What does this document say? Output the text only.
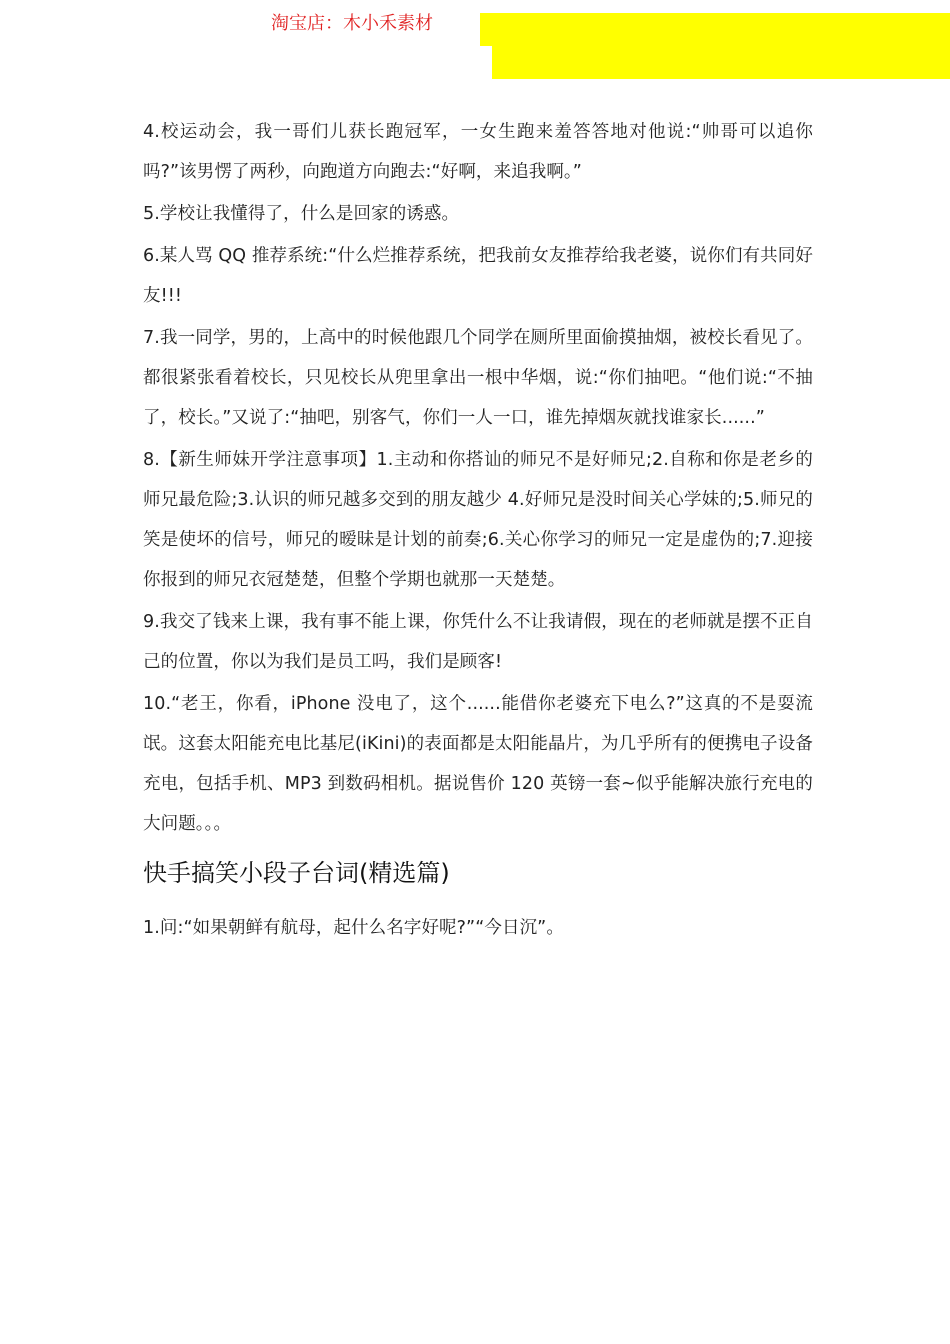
淘宝店：木小禾素材

4.校运动会，我一哥们儿获长跑冠军，一女生跑来羞答答地对他说:“帅哥可以追你吗?”该男愣了两秒，向跑道方向跑去:“好啊，来追我啊。”

5.学校让我懂得了，什么是回家的诱惑。

6.某人骂 QQ 推荐系统:“什么烂推荐系统，把我前女友推荐给我老婆，说你们有共同好友!!!

7.我一同学，男的，上高中的时候他跟几个同学在厕所里面偷摸抽烟，被校长看见了。都很紧张看着校长，只见校长从兜里拿出一根中华烟，说:“你们抽吧。“他们说:“不抽了，校长。”又说了:“抽吧，别客气，你们一人一口，谁先掉烟灰就找谁家长......”

8.【新生师妹开学注意事项】1.主动和你搭讪的师兄不是好师兄;2.自称和你是老乡的师兄最危险;3.认识的师兄越多交到的朋友越少 4.好师兄是没时间关心学妹的;5.师兄的笑是使坏的信号，师兄的暧昧是计划的前奏;6.关心你学习的师兄一定是虚伪的;7.迎接你报到的师兄衣冠楚楚，但整个学期也就那一天楚楚。

9.我交了钱来上课，我有事不能上课，你凭什么不让我请假，现在的老师就是摆不正自己的位置，你以为我们是员工吗，我们是顾客!

10.“老王，你看，iPhone 没电了，这个......能借你老婆充下电么?”这真的不是耍流氓。这套太阳能充电比基尼(iKini)的表面都是太阳能晶片，为几乎所有的便携电子设备充电，包括手机、MP3 到数码相机。据说售价 120 英镑一套~似乎能解决旅行充电的大问题。。。

快手搞笑小段子台词(精选篇)

1.问:“如果朝鲜有航母，起什么名字好呢?”“今日沉”。
